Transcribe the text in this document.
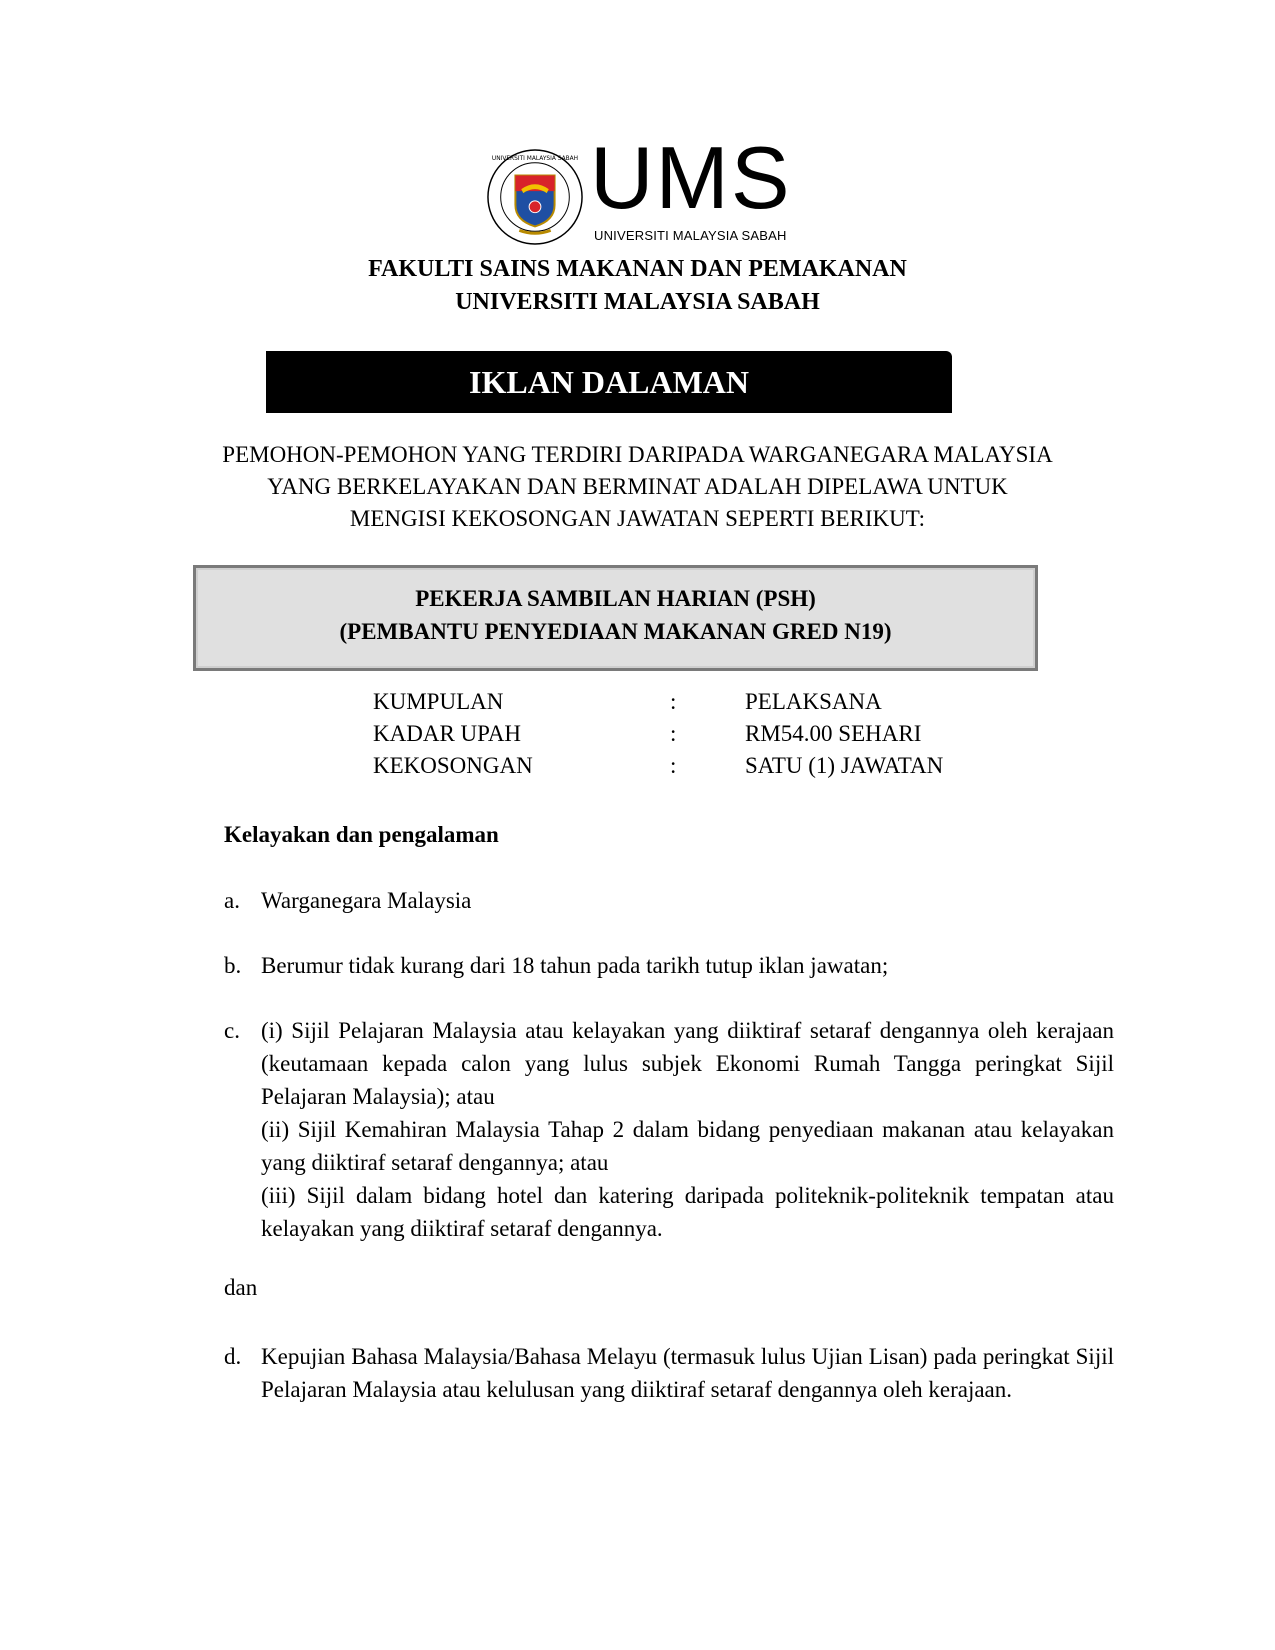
UNIVERSITI MALAYSIA SABAH UMS
UNIVERSITI MALAYSIA SABAH
FAKULTI SAINS MAKANAN DAN PEMAKANAN
UNIVERSITI MALAYSIA SABAH
IKLAN DALAMAN
PEMOHON-PEMOHON YANG TERDIRI DARIPADA WARGANEGARA MALAYSIA
YANG BERKELAYAKAN DAN BERMINAT ADALAH DIPELAWA UNTUK
MENGISI KEKOSONGAN JAWATAN SEPERTI BERIKUT:
PEKERJA SAMBILAN HARIAN (PSH)
(PEMBANTU PENYEDIAAN MAKANAN GRED N19)
KUMPULAN	:	PELAKSANA
KADAR UPAH	:	RM54.00 SEHARI
KEKOSONGAN	:	SATU (1) JAWATAN
Kelayakan dan pengalaman
a. Warganegara Malaysia
b. Berumur tidak kurang dari 18 tahun pada tarikh tutup iklan jawatan;
c. (i) Sijil Pelajaran Malaysia atau kelayakan yang diiktiraf setaraf dengannya oleh kerajaan (keutamaan kepada calon yang lulus subjek Ekonomi Rumah Tangga peringkat Sijil Pelajaran Malaysia); atau

(ii) Sijil Kemahiran Malaysia Tahap 2 dalam bidang penyediaan makanan atau kelayakan yang diiktiraf setaraf dengannya; atau

(iii) Sijil dalam bidang hotel dan katering daripada politeknik-politeknik tempatan atau kelayakan yang diiktiraf setaraf dengannya.

dan
d. Kepujian Bahasa Malaysia/Bahasa Melayu (termasuk lulus Ujian Lisan) pada peringkat Sijil Pelajaran Malaysia atau kelulusan yang diiktiraf setaraf dengannya oleh kerajaan.
